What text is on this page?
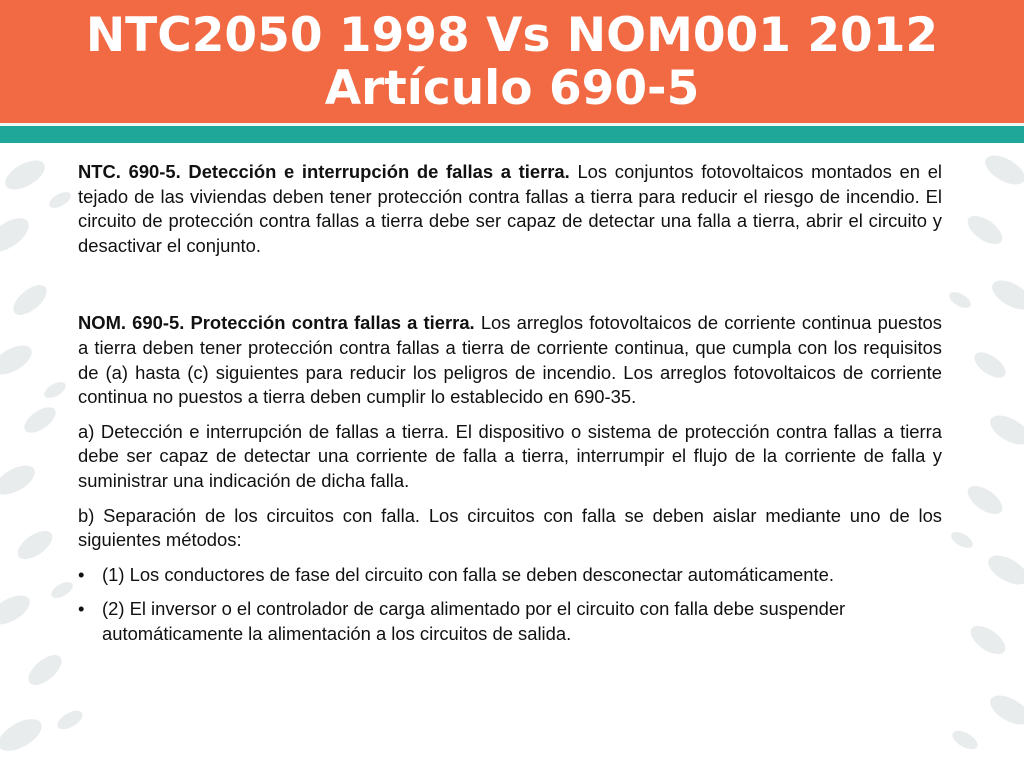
NTC2050 1998 Vs NOM001 2012
Artículo 690-5

NTC. 690-5. Detección e interrupción de fallas a tierra. Los conjuntos fotovoltaicos montados en el tejado de las viviendas deben tener protección contra fallas a tierra para reducir el riesgo de incendio. El circuito de protección contra fallas a tierra debe ser capaz de detectar una falla a tierra, abrir el circuito y desactivar el conjunto.

NOM. 690-5. Protección contra fallas a tierra. Los arreglos fotovoltaicos de corriente continua puestos a tierra deben tener protección contra fallas a tierra de corriente continua, que cumpla con los requisitos de (a) hasta (c) siguientes para reducir los peligros de incendio. Los arreglos fotovoltaicos de corriente continua no puestos a tierra deben cumplir lo establecido en 690-35.

a) Detección e interrupción de fallas a tierra. El dispositivo o sistema de protección contra fallas a tierra debe ser capaz de detectar una corriente de falla a tierra, interrumpir el flujo de la corriente de falla y suministrar una indicación de dicha falla.

b) Separación de los circuitos con falla. Los circuitos con falla se deben aislar mediante uno de los siguientes métodos:

• (1) Los conductores de fase del circuito con falla se deben desconectar automáticamente.
• (2) El inversor o el controlador de carga alimentado por el circuito con falla debe suspender automáticamente la alimentación a los circuitos de salida.
